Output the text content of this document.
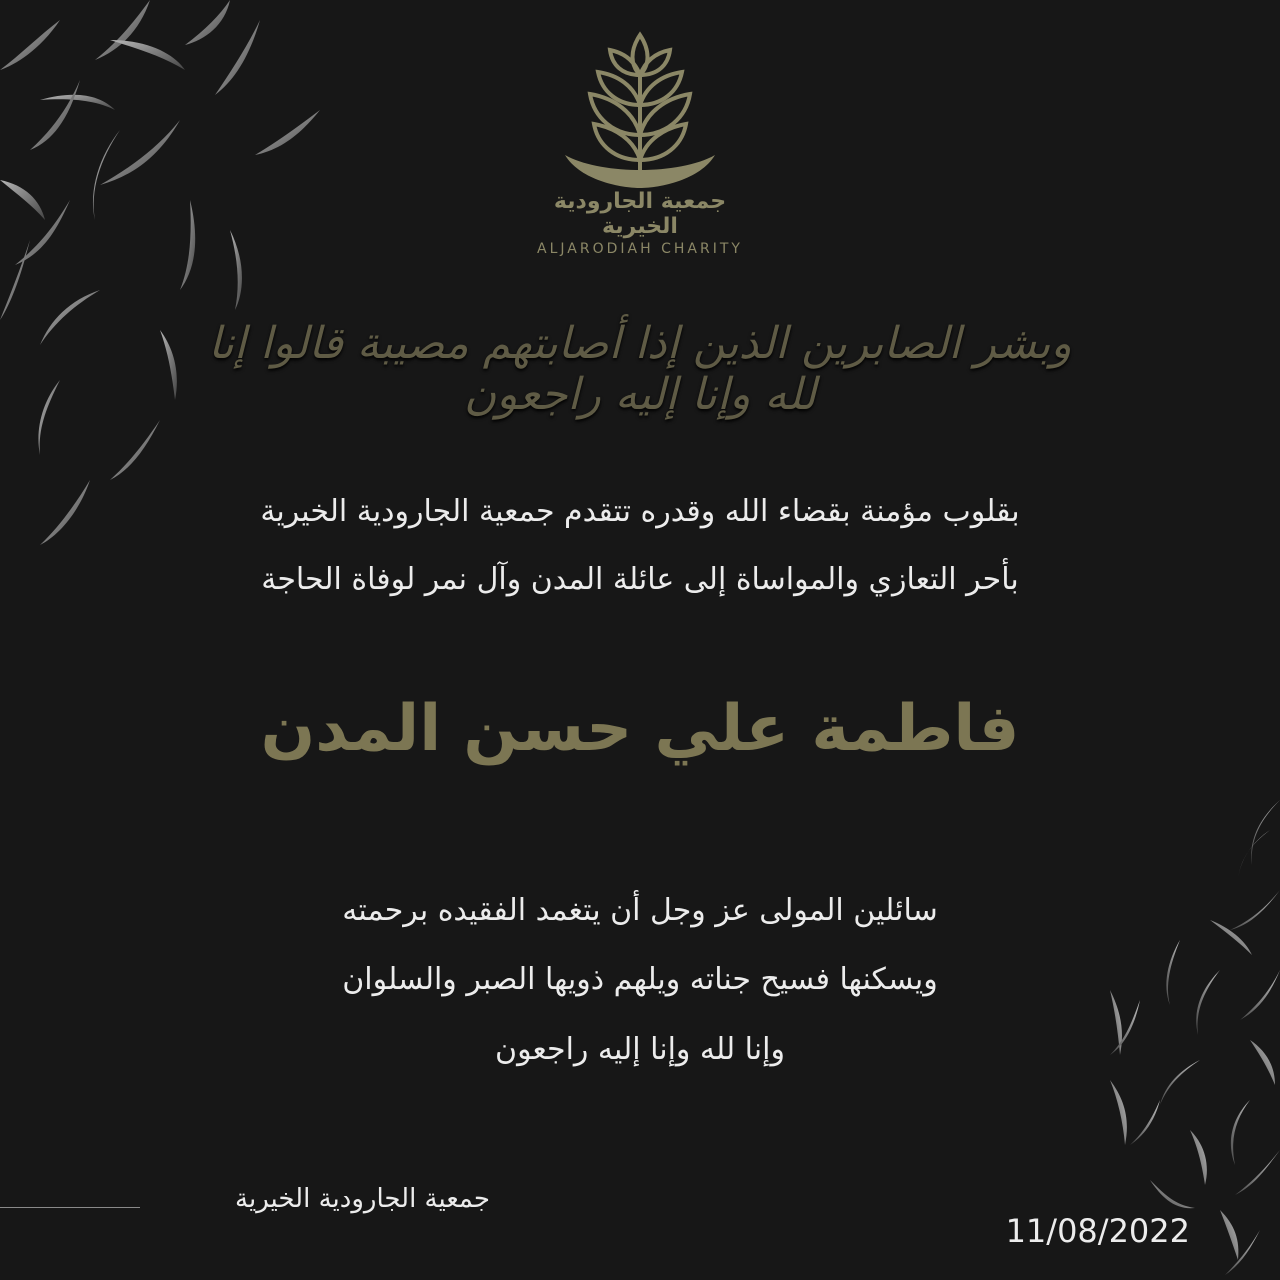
جمعية الجارودية الخيرية
ALJARODIAH CHARITY
وبشر الصابرين الذين إذا أصابتهم مصيبة قالوا إنا لله وإنا إليه راجعون
بقلوب مؤمنة بقضاء الله وقدره تتقدم جمعية الجارودية الخيرية
بأحر التعازي والمواساة إلى عائلة المدن وآل نمر لوفاة الحاجة
فاطمة علي حسن المدن
سائلين المولى عز وجل أن يتغمد الفقيده برحمته
ويسكنها فسيح جناته ويلهم ذويها الصبر والسلوان
وإنا لله وإنا إليه راجعون
جمعية الجارودية الخيرية
11/08/2022
